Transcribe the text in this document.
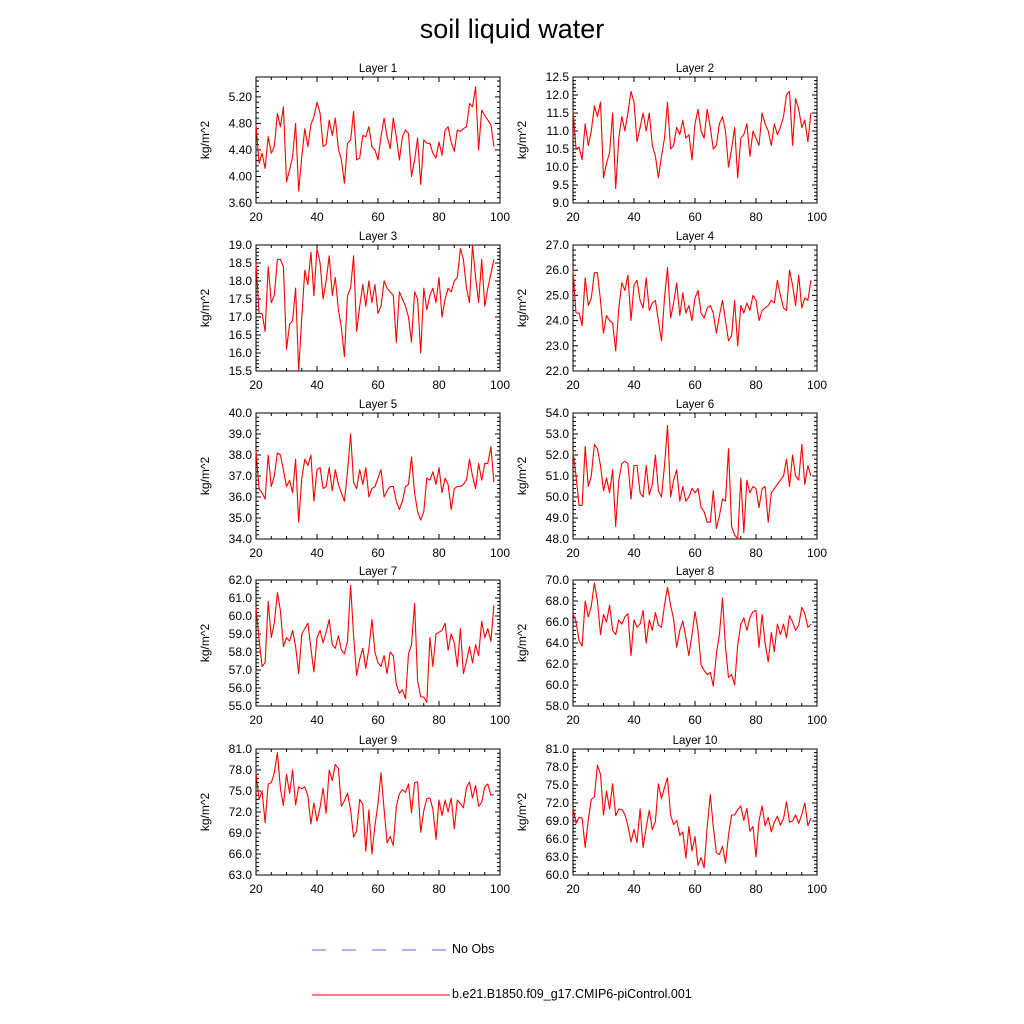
soil liquid water
Layer 1
kg/m^2
20	40	60	80	100
3.60
4.00
4.40
4.80
5.20
Layer 2
kg/m^2
20	40	60	80	100
9.0
9.5
10.0
10.5
11.0
11.5
12.0
12.5
Layer 3
kg/m^2
20	40	60	80	100
15.5
16.0
16.5
17.0
17.5
18.0
18.5
19.0
Layer 4
kg/m^2
20	40	60	80	100
22.0
23.0
24.0
25.0
26.0
27.0
Layer 5
kg/m^2
20	40	60	80	100
34.0
35.0
36.0
37.0
38.0
39.0
40.0
Layer 6
kg/m^2
20	40	60	80	100
48.0
49.0
50.0
51.0
52.0
53.0
54.0
Layer 7
kg/m^2
20	40	60	80	100
55.0
56.0
57.0
58.0
59.0
60.0
61.0
62.0
Layer 8
kg/m^2
20	40	60	80	100
58.0
60.0
62.0
64.0
66.0
68.0
70.0
Layer 9
kg/m^2
20	40	60	80	100
63.0
66.0
69.0
72.0
75.0
78.0
81.0
Layer 10
kg/m^2
20	40	60	80	100
60.0
63.0
66.0
69.0
72.0
75.0
78.0
81.0
No Obs
b.e21.B1850.f09_g17.CMIP6-piControl.001
